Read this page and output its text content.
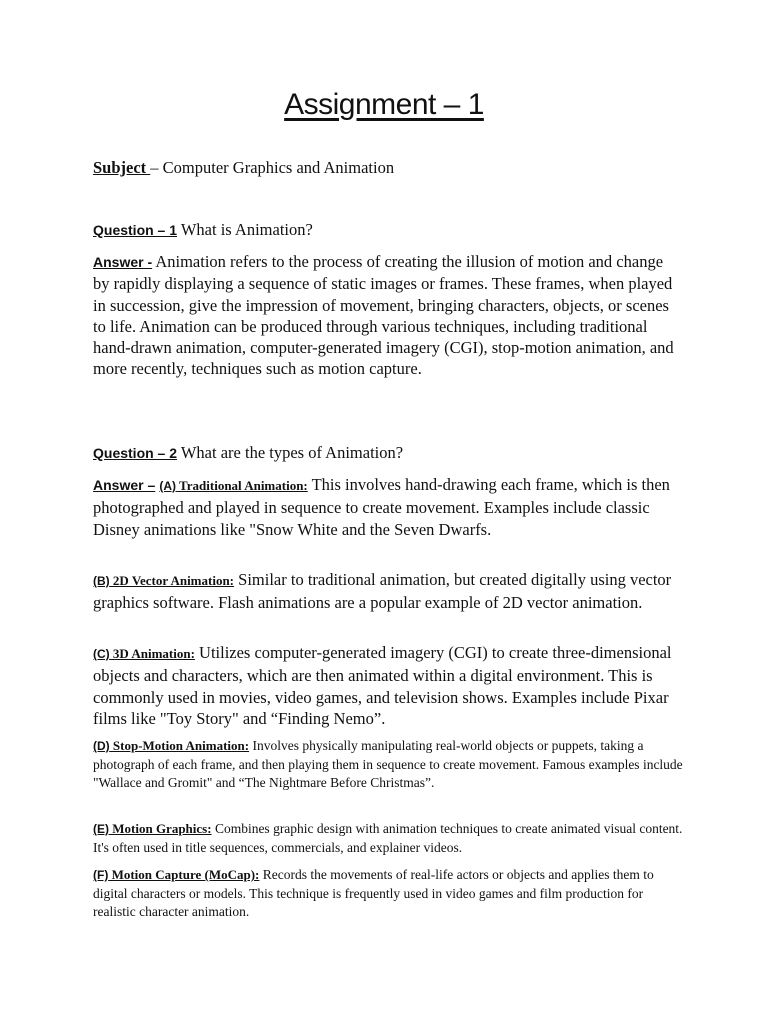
Assignment – 1
Subject – Computer Graphics and Animation
Question – 1 What is Animation?
Answer - Animation refers to the process of creating the illusion of motion and change by rapidly displaying a sequence of static images or frames. These frames, when played in succession, give the impression of movement, bringing characters, objects, or scenes to life. Animation can be produced through various techniques, including traditional hand-drawn animation, computer-generated imagery (CGI), stop-motion animation, and more recently, techniques such as motion capture.
Question – 2 What are the types of Animation?
Answer – (A) Traditional Animation: This involves hand-drawing each frame, which is then photographed and played in sequence to create movement. Examples include classic Disney animations like "Snow White and the Seven Dwarfs.
(B) 2D Vector Animation: Similar to traditional animation, but created digitally using vector graphics software. Flash animations are a popular example of 2D vector animation.
(C) 3D Animation: Utilizes computer-generated imagery (CGI) to create three-dimensional objects and characters, which are then animated within a digital environment. This is commonly used in movies, video games, and television shows. Examples include Pixar films like "Toy Story" and “Finding Nemo”.
(D) Stop-Motion Animation: Involves physically manipulating real-world objects or puppets, taking a photograph of each frame, and then playing them in sequence to create movement. Famous examples include "Wallace and Gromit" and “The Nightmare Before Christmas”.
(E) Motion Graphics: Combines graphic design with animation techniques to create animated visual content. It's often used in title sequences, commercials, and explainer videos.
(F) Motion Capture (MoCap): Records the movements of real-life actors or objects and applies them to digital characters or models. This technique is frequently used in video games and film production for realistic character animation.
